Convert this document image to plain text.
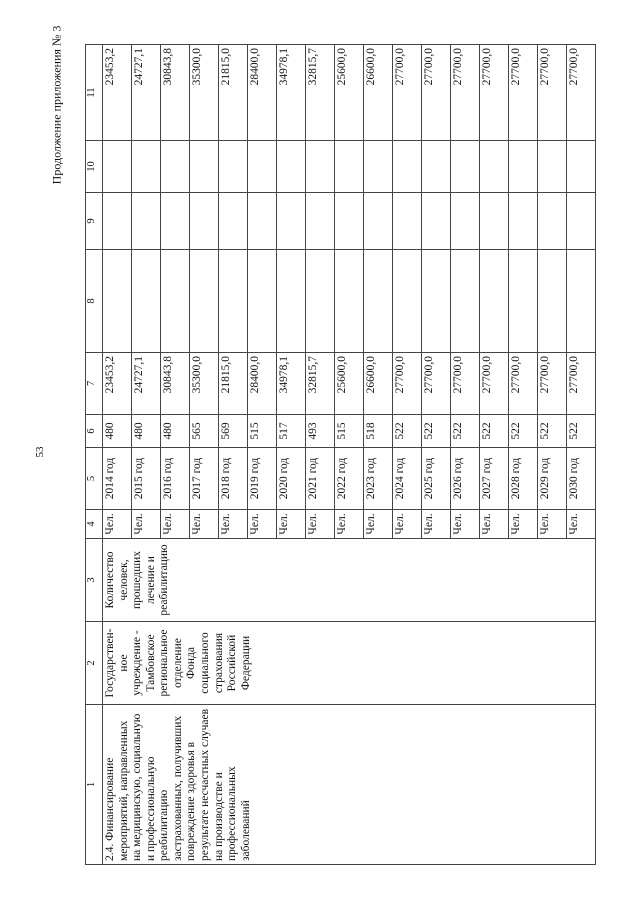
53
Продолжение приложения № 3
1	2	3	4	5	6	7	8	9	10	11
2.4. Финансирование мероприятий, направленных на медицинскую, социальную и профессиональную реабилитацию застрахованных, получивших повреждение здоровья в результате несчастных случаев на производстве и профессиональных заболеваний	Государствен-ное учреждение - Тамбовское региональное отделение Фонда социального страхования Российской Федерации	Количество человек, прошедших лечение и реабилитацию	Чел.	2014 год	480	23453,2				23453,2
			Чел.	2015 год	480	24727,1				24727,1
			Чел.	2016 год	480	30843,8				30843,8
			Чел.	2017 год	565	35300,0				35300,0
			Чел.	2018 год	569	21815,0				21815,0
			Чел.	2019 год	515	28400,0				28400,0
			Чел.	2020 год	517	34978,1				34978,1
			Чел.	2021 год	493	32815,7				32815,7
			Чел.	2022 год	515	25600,0				25600,0
			Чел.	2023 год	518	26600,0				26600,0
			Чел.	2024 год	522	27700,0				27700,0
			Чел.	2025 год	522	27700,0				27700,0
			Чел.	2026 год	522	27700,0				27700,0
			Чел.	2027 год	522	27700,0				27700,0
			Чел.	2028 год	522	27700,0				27700,0
			Чел.	2029 год	522	27700,0				27700,0
			Чел.	2030 год	522	27700,0				27700,0
